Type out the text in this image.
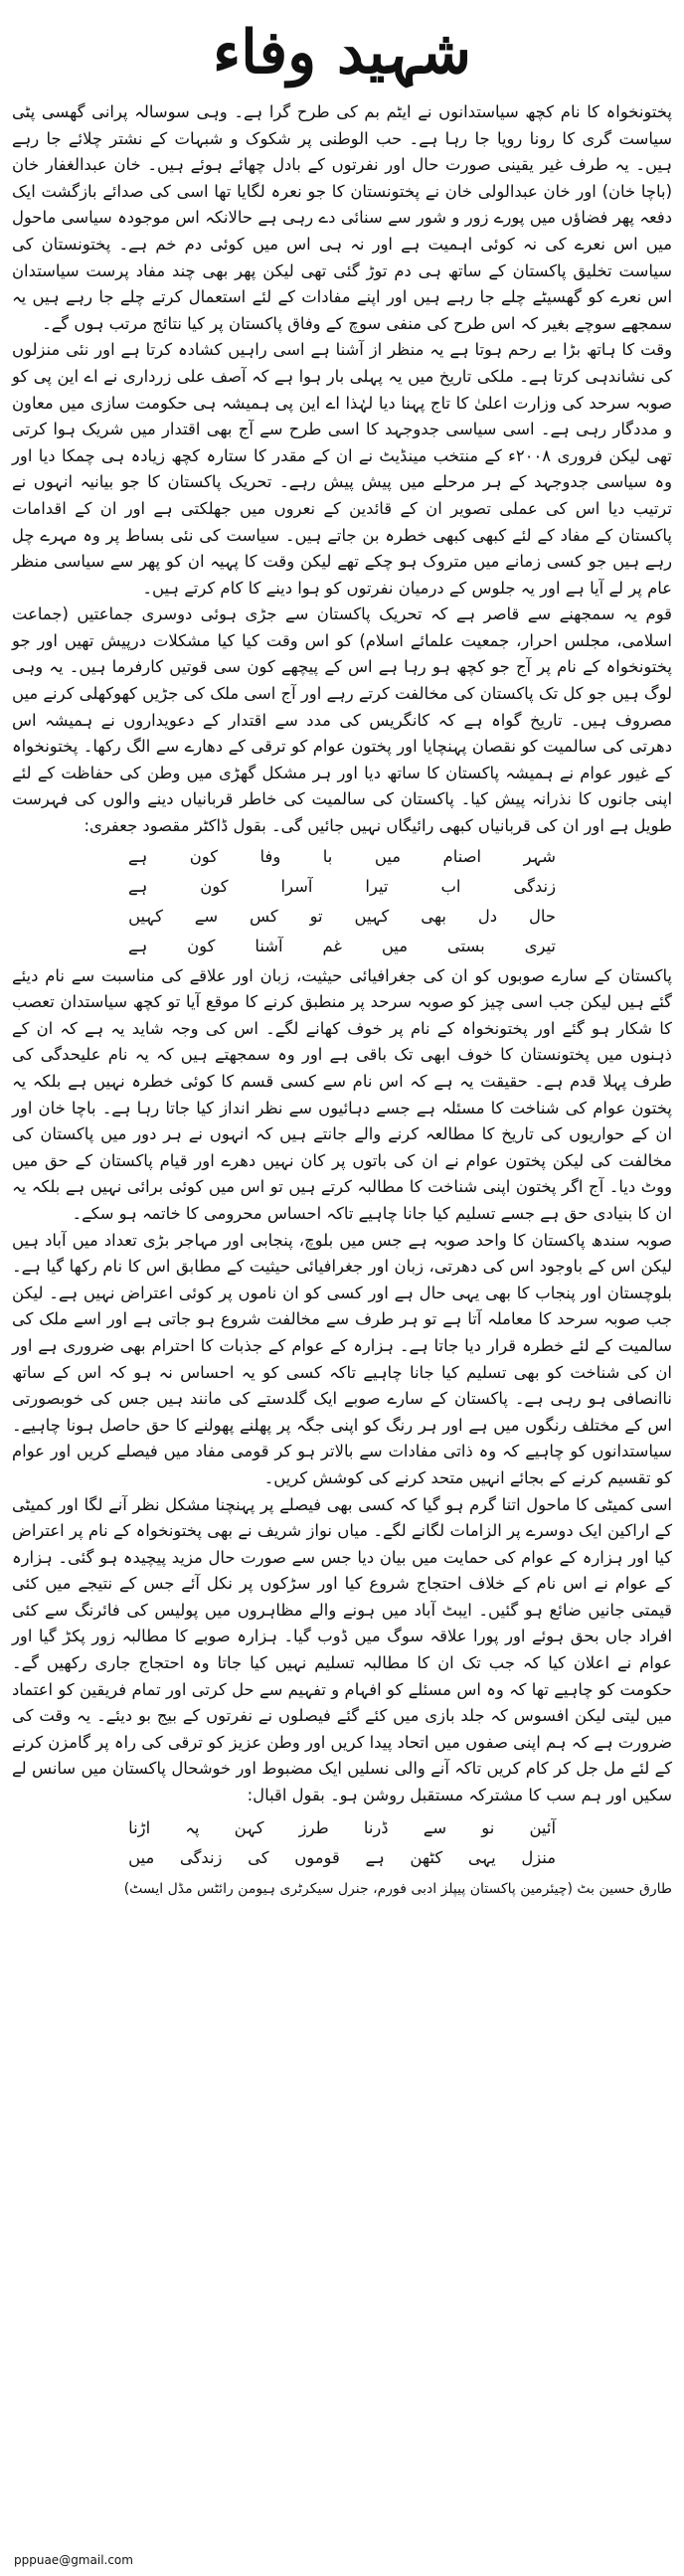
شہید وفاء

پختونخواہ کا نام کچھ سیاستدانوں نے ایٹم بم کی طرح گرا ہے۔ وہی سوسالہ پرانی گھسی پٹی سیاست گری کا رونا رویا جا رہا ہے۔ حب الوطنی پر شکوک و شبہات کے نشتر چلائے جا رہے ہیں۔ یہ طرف غیر یقینی صورت حال اور نفرتوں کے بادل چھائے ہوئے ہیں۔ خان عبدالغفار خان (باچا خان) اور خان عبدالولی خان نے پختونستان کا جو نعرہ لگایا تھا اسی کی صدائے بازگشت ایک دفعہ پھر فضاؤں میں پورے زور و شور سے سنائی دے رہی ہے حالانکہ اس موجودہ سیاسی ماحول میں اس نعرے کی نہ کوئی اہمیت ہے اور نہ ہی اس میں کوئی دم خم ہے۔ پختونستان کی سیاست تخلیق پاکستان کے ساتھ ہی دم توڑ گئی تھی لیکن پھر بھی چند مفاد پرست سیاستدان اس نعرے کو گھسیٹے چلے جا رہے ہیں اور اپنے مفادات کے لئے استعمال کرتے چلے جا رہے ہیں یہ سمجھے سوچے بغیر کہ اس طرح کی منفی سوچ کے وفاق پاکستان پر کیا نتائج مرتب ہوں گے۔

وقت کا ہاتھ بڑا بے رحم ہوتا ہے یہ منظر از آشنا ہے اسی راہیں کشادہ کرتا ہے اور نئی منزلوں کی نشاندہی کرتا ہے۔ ملکی تاریخ میں یہ پہلی بار ہوا ہے کہ آصف علی زرداری نے اے این پی کو صوبہ سرحد کی وزارت اعلیٰ کا تاج پہنا دیا لہٰذا اے این پی ہمیشہ ہی حکومت سازی میں معاون و مددگار رہی ہے۔ اسی سیاسی جدوجہد کا اسی طرح سے آج بھی اقتدار میں شریک ہوا کرتی تھی لیکن فروری ۲۰۰۸ء کے منتخب مینڈیٹ نے ان کے مقدر کا ستارہ کچھ زیادہ ہی چمکا دیا اور وہ سیاسی جدوجہد کے ہر مرحلے میں پیش پیش رہے۔ تحریک پاکستان کا جو بیانیہ انہوں نے ترتیب دیا اس کی عملی تصویر ان کے قائدین کے نعروں میں جھلکتی ہے اور ان کے اقدامات پاکستان کے مفاد کے لئے کبھی کبھی خطرہ بن جاتے ہیں۔ سیاست کی نئی بساط پر وہ مہرے چل رہے ہیں جو کسی زمانے میں متروک ہو چکے تھے لیکن وقت کا پہیہ ان کو پھر سے سیاسی منظر عام پر لے آیا ہے اور یہ جلوس کے درمیان نفرتوں کو ہوا دینے کا کام کرتے ہیں۔

قوم یہ سمجھنے سے قاصر ہے کہ تحریک پاکستان سے جڑی ہوئی دوسری جماعتیں (جماعت اسلامی، مجلس احرار، جمعیت علمائے اسلام) کو اس وقت کیا کیا مشکلات درپیش تھیں اور جو پختونخواہ کے نام پر آج جو کچھ ہو رہا ہے اس کے پیچھے کون سی قوتیں کارفرما ہیں۔ یہ وہی لوگ ہیں جو کل تک پاکستان کی مخالفت کرتے رہے اور آج اسی ملک کی جڑیں کھوکھلی کرنے میں مصروف ہیں۔ تاریخ گواہ ہے کہ کانگریس کی مدد سے اقتدار کے دعویداروں نے ہمیشہ اس دھرتی کی سالمیت کو نقصان پہنچایا اور پختون عوام کو ترقی کے دھارے سے الگ رکھا۔ پختونخواہ کے غیور عوام نے ہمیشہ پاکستان کا ساتھ دیا اور ہر مشکل گھڑی میں وطن کی حفاظت کے لئے اپنی جانوں کا نذرانہ پیش کیا۔ پاکستان کی سالمیت کی خاطر قربانیاں دینے والوں کی فہرست طویل ہے اور ان کی قربانیاں کبھی رائیگاں نہیں جائیں گی۔ بقول ڈاکٹر مقصود جعفری:

شہر
اصنام
میں
با
وفا
کون
ہے
زندگی
اب
تیرا
آسرا
کون
ہے
حال
دل
بھی
کہیں
تو
کس
سے
کہیں
تیری
بستی
میں
غم
آشنا
کون
ہے

پاکستان کے سارے صوبوں کو ان کی جغرافیائی حیثیت، زبان اور علاقے کی مناسبت سے نام دیئے گئے ہیں لیکن جب اسی چیز کو صوبہ سرحد پر منطبق کرنے کا موقع آیا تو کچھ سیاستدان تعصب کا شکار ہو گئے اور پختونخواہ کے نام پر خوف کھانے لگے۔ اس کی وجہ شاید یہ ہے کہ ان کے ذہنوں میں پختونستان کا خوف ابھی تک باقی ہے اور وہ سمجھتے ہیں کہ یہ نام علیحدگی کی طرف پہلا قدم ہے۔ حقیقت یہ ہے کہ اس نام سے کسی قسم کا کوئی خطرہ نہیں ہے بلکہ یہ پختون عوام کی شناخت کا مسئلہ ہے جسے دہائیوں سے نظر انداز کیا جاتا رہا ہے۔ باچا خان اور ان کے حواریوں کی تاریخ کا مطالعہ کرنے والے جانتے ہیں کہ انہوں نے ہر دور میں پاکستان کی مخالفت کی لیکن پختون عوام نے ان کی باتوں پر کان نہیں دھرے اور قیام پاکستان کے حق میں ووٹ دیا۔ آج اگر پختون اپنی شناخت کا مطالبہ کرتے ہیں تو اس میں کوئی برائی نہیں ہے بلکہ یہ ان کا بنیادی حق ہے جسے تسلیم کیا جانا چاہیے تاکہ احساس محرومی کا خاتمہ ہو سکے۔

صوبہ سندھ پاکستان کا واحد صوبہ ہے جس میں بلوچ، پنجابی اور مہاجر بڑی تعداد میں آباد ہیں لیکن اس کے باوجود اس کی دھرتی، زبان اور جغرافیائی حیثیت کے مطابق اس کا نام رکھا گیا ہے۔ بلوچستان اور پنجاب کا بھی یہی حال ہے اور کسی کو ان ناموں پر کوئی اعتراض نہیں ہے۔ لیکن جب صوبہ سرحد کا معاملہ آتا ہے تو ہر طرف سے مخالفت شروع ہو جاتی ہے اور اسے ملک کی سالمیت کے لئے خطرہ قرار دیا جاتا ہے۔ ہزارہ کے عوام کے جذبات کا احترام بھی ضروری ہے اور ان کی شناخت کو بھی تسلیم کیا جانا چاہیے تاکہ کسی کو یہ احساس نہ ہو کہ اس کے ساتھ ناانصافی ہو رہی ہے۔ پاکستان کے سارے صوبے ایک گلدستے کی مانند ہیں جس کی خوبصورتی اس کے مختلف رنگوں میں ہے اور ہر رنگ کو اپنی جگہ پر پھلنے پھولنے کا حق حاصل ہونا چاہیے۔ سیاستدانوں کو چاہیے کہ وہ ذاتی مفادات سے بالاتر ہو کر قومی مفاد میں فیصلے کریں اور عوام کو تقسیم کرنے کے بجائے انہیں متحد کرنے کی کوشش کریں۔

اسی کمیٹی کا ماحول اتنا گرم ہو گیا کہ کسی بھی فیصلے پر پہنچنا مشکل نظر آنے لگا اور کمیٹی کے اراکین ایک دوسرے پر الزامات لگانے لگے۔ میاں نواز شریف نے بھی پختونخواہ کے نام پر اعتراض کیا اور ہزارہ کے عوام کی حمایت میں بیان دیا جس سے صورت حال مزید پیچیدہ ہو گئی۔ ہزارہ کے عوام نے اس نام کے خلاف احتجاج شروع کیا اور سڑکوں پر نکل آئے جس کے نتیجے میں کئی قیمتی جانیں ضائع ہو گئیں۔ ایبٹ آباد میں ہونے والے مظاہروں میں پولیس کی فائرنگ سے کئی افراد جاں بحق ہوئے اور پورا علاقہ سوگ میں ڈوب گیا۔ ہزارہ صوبے کا مطالبہ زور پکڑ گیا اور عوام نے اعلان کیا کہ جب تک ان کا مطالبہ تسلیم نہیں کیا جاتا وہ احتجاج جاری رکھیں گے۔ حکومت کو چاہیے تھا کہ وہ اس مسئلے کو افہام و تفہیم سے حل کرتی اور تمام فریقین کو اعتماد میں لیتی لیکن افسوس کہ جلد بازی میں کئے گئے فیصلوں نے نفرتوں کے بیج بو دیئے۔ یہ وقت کی ضرورت ہے کہ ہم اپنی صفوں میں اتحاد پیدا کریں اور وطن عزیز کو ترقی کی راہ پر گامزن کرنے کے لئے مل جل کر کام کریں تاکہ آنے والی نسلیں ایک مضبوط اور خوشحال پاکستان میں سانس لے سکیں اور ہم سب کا مشترکہ مستقبل روشن ہو۔ بقول اقبال:

آئین
نو
سے
ڈرنا
طرز
کہن
پہ
اڑنا
منزل
یہی
کٹھن
ہے
قوموں
کی
زندگی
میں

طارق حسین بٹ (چیئرمین پاکستان پیپلز ادبی فورم، جنرل سیکرٹری ہیومن رائٹس مڈل ایسٹ)

pppuae@gmail.com
